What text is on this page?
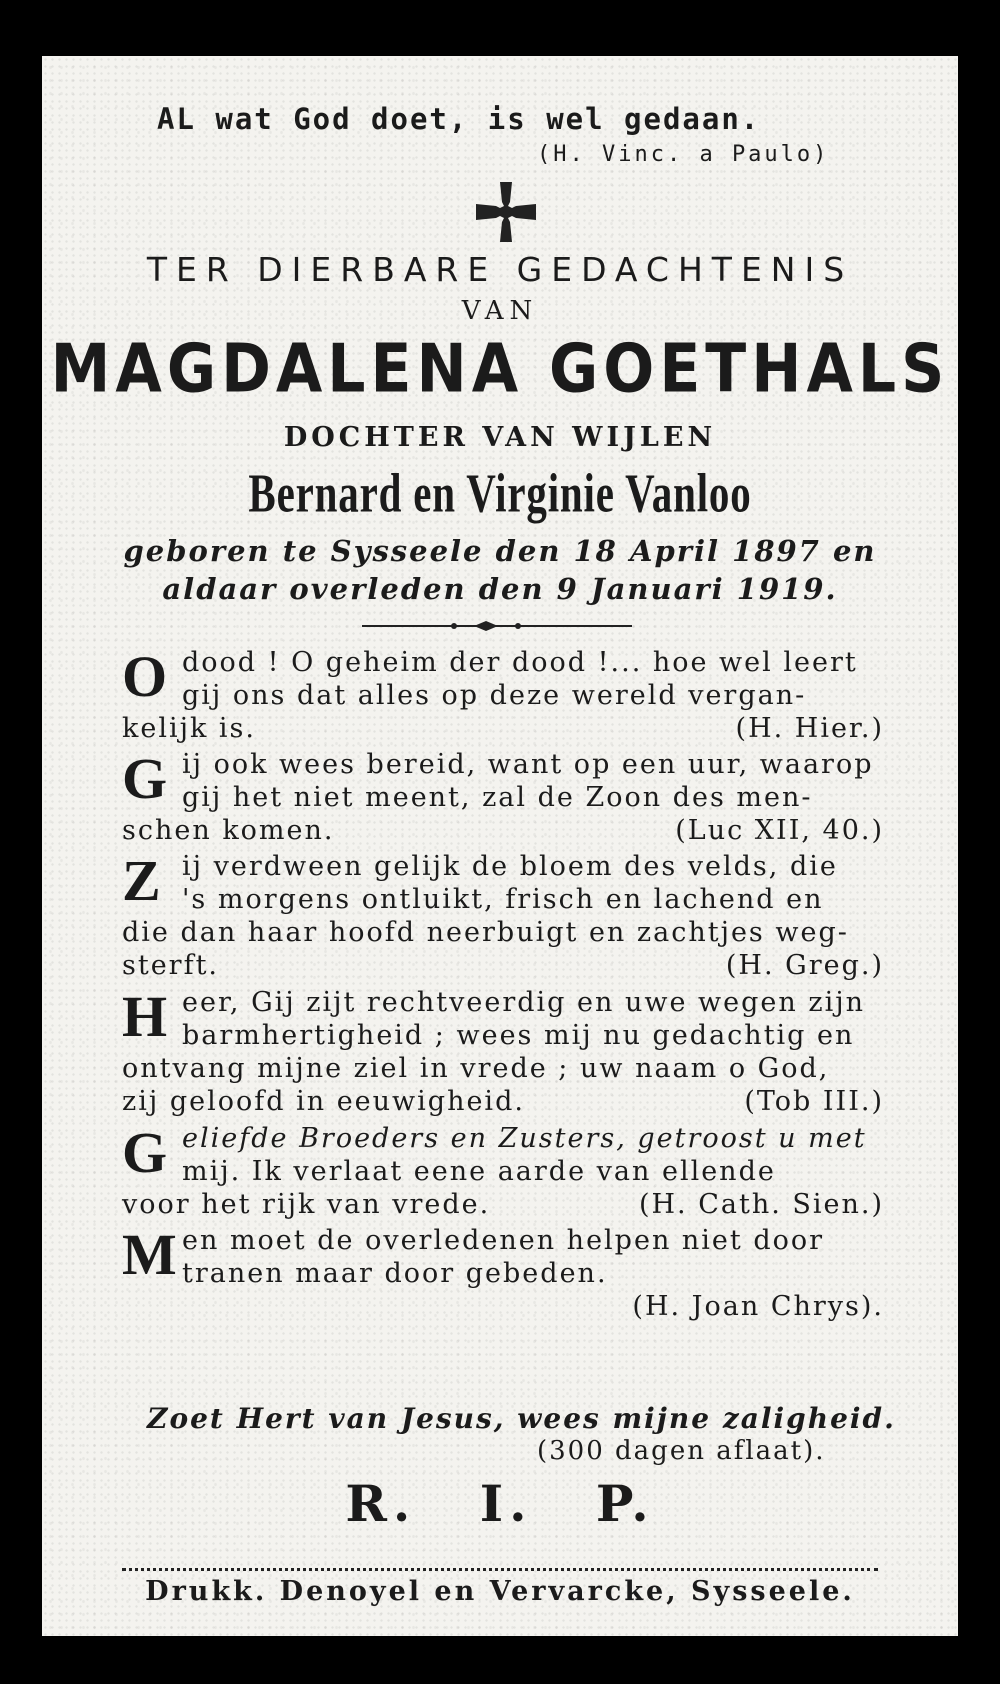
AL wat God doet, is wel gedaan.

(H. Vinc. a Paulo)

TER DIERBARE GEDACHTENIS

VAN

MAGDALENA GOETHALS

DOCHTER VAN WIJLEN

Bernard en Virginie Vanloo

geboren te Sysseele den 18 April 1897 en

aldaar overleden den 9 Januari 1919.

O dood ! O geheim der dood !... hoe wel leert
gij ons dat alles op deze wereld vergan-
kelijk is.	(H. Hier.)
G ij ook wees bereid, want op een uur, waarop
gij het niet meent, zal de Zoon des men-
schen komen.	(Luc XII, 40.)
Z ij verdween gelijk de bloem des velds, die
's morgens ontluikt, frisch en lachend en
die dan haar hoofd neerbuigt en zachtjes weg-
sterft.	(H. Greg.)
H eer, Gij zijt rechtveerdig en uwe wegen zijn
barmhertigheid ; wees mij nu gedachtig en
ontvang mijne ziel in vrede ; uw naam o God,
zij geloofd in eeuwigheid.	(Tob III.)
G eliefde Broeders en Zusters, getroost u met
mij. Ik verlaat eene aarde van ellende
voor het rijk van vrede.	(H. Cath. Sien.)
M en moet de overledenen helpen niet door
tranen maar door gebeden.
(H. Joan Chrys).

Zoet Hert van Jesus, wees mijne zaligheid.

(300 dagen aflaat).

R. I. P.

Drukk. Denoyel en Vervarcke, Sysseele.
